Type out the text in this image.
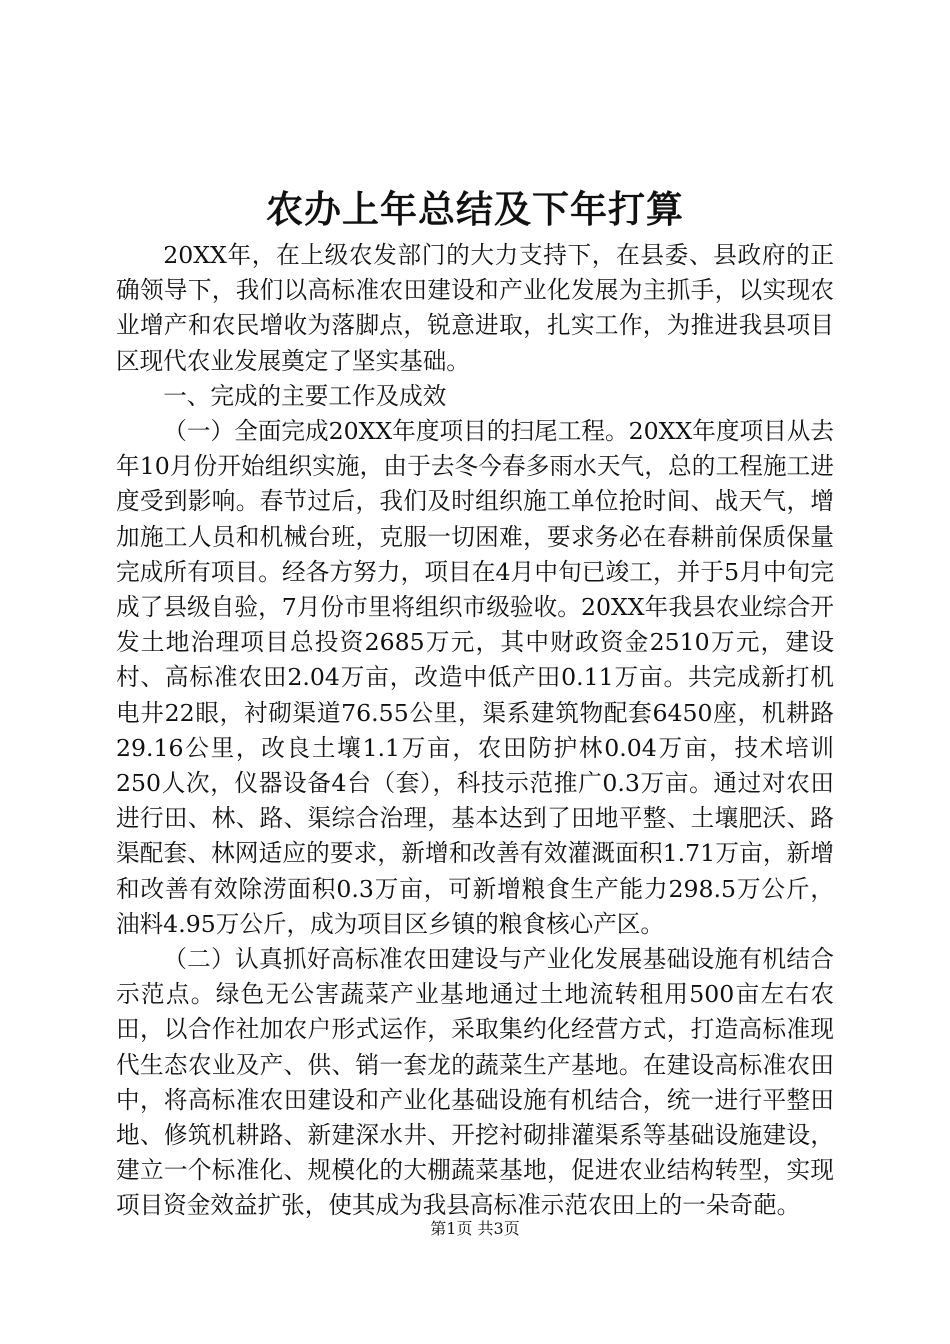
农办上年总结及下年打算

20XX年，在上级农发部门的大力支持下，在县委、县政府的正确领导下，我们以高标准农田建设和产业化发展为主抓手，以实现农业增产和农民增收为落脚点，锐意进取，扎实工作，为推进我县项目区现代农业发展奠定了坚实基础。

一、完成的主要工作及成效

（一）全面完成20XX年度项目的扫尾工程。20XX年度项目从去年10月份开始组织实施，由于去冬今春多雨水天气，总的工程施工进度受到影响。春节过后，我们及时组织施工单位抢时间、战天气，增加施工人员和机械台班，克服一切困难，要求务必在春耕前保质保量完成所有项目。经各方努力，项目在4月中旬已竣工，并于5月中旬完成了县级自验，7月份市里将组织市级验收。20XX年我县农业综合开发土地治理项目总投资2685万元，其中财政资金2510万元，建设村、高标准农田2.04万亩，改造中低产田0.11万亩。共完成新打机电井22眼，衬砌渠道76.55公里，渠系建筑物配套6450座，机耕路29.16公里，改良土壤1.1万亩，农田防护林0.04万亩，技术培训250人次，仪器设备4台（套），科技示范推广0.3万亩。通过对农田进行田、林、路、渠综合治理，基本达到了田地平整、土壤肥沃、路渠配套、林网适应的要求，新增和改善有效灌溉面积1.71万亩，新增和改善有效除涝面积0.3万亩，可新增粮食生产能力298.5万公斤，油料4.95万公斤，成为项目区乡镇的粮食核心产区。

（二）认真抓好高标准农田建设与产业化发展基础设施有机结合示范点。绿色无公害蔬菜产业基地通过土地流转租用500亩左右农田，以合作社加农户形式运作，采取集约化经营方式，打造高标准现代生态农业及产、供、销一套龙的蔬菜生产基地。在建设高标准农田中，将高标准农田建设和产业化基础设施有机结合，统一进行平整田地、修筑机耕路、新建深水井、开挖衬砌排灌渠系等基础设施建设，建立一个标准化、规模化的大棚蔬菜基地，促进农业结构转型，实现项目资金效益扩张，使其成为我县高标准示范农田上的一朵奇葩。

第1页 共3页
